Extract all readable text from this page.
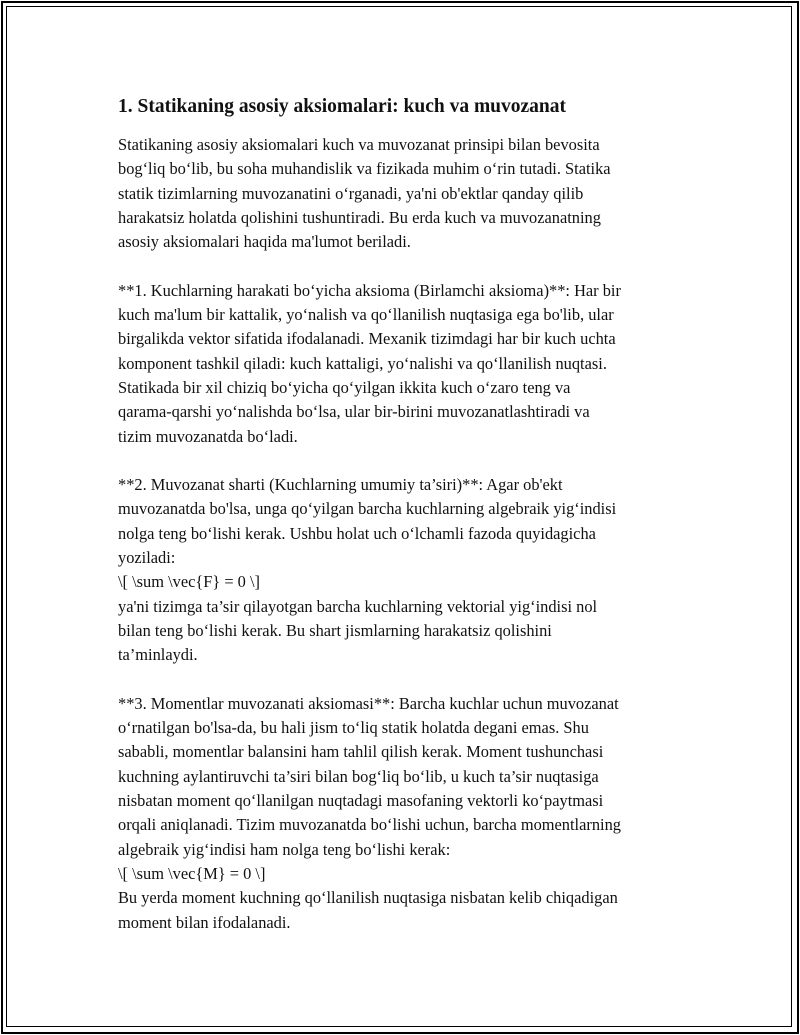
1. Statikaning asosiy aksiomalari: kuch va muvozanat

Statikaning asosiy aksiomalari kuch va muvozanat prinsipi bilan bevosita
bog‘liq bo‘lib, bu soha muhandislik va fizikada muhim o‘rin tutadi. Statika
statik tizimlarning muvozanatini o‘rganadi, ya'ni ob'ektlar qanday qilib
harakatsiz holatda qolishini tushuntiradi. Bu erda kuch va muvozanatning
asosiy aksiomalari haqida ma'lumot beriladi.

**1. Kuchlarning harakati bo‘yicha aksioma (Birlamchi aksioma)**: Har bir
kuch ma'lum bir kattalik, yo‘nalish va qo‘llanilish nuqtasiga ega bo'lib, ular
birgalikda vektor sifatida ifodalanadi. Mexanik tizimdagi har bir kuch uchta
komponent tashkil qiladi: kuch kattaligi, yo‘nalishi va qo‘llanilish nuqtasi.
Statikada bir xil chiziq bo‘yicha qo‘yilgan ikkita kuch o‘zaro teng va
qarama-qarshi yo‘nalishda bo‘lsa, ular bir-birini muvozanatlashtiradi va
tizim muvozanatda bo‘ladi.

**2. Muvozanat sharti (Kuchlarning umumiy ta’siri)**: Agar ob'ekt
muvozanatda bo'lsa, unga qo‘yilgan barcha kuchlarning algebraik yig‘indisi
nolga teng bo‘lishi kerak. Ushbu holat uch o‘lchamli fazoda quyidagicha
yoziladi:
\[ \sum \vec{F} = 0 \]
ya'ni tizimga ta’sir qilayotgan barcha kuchlarning vektorial yig‘indisi nol
bilan teng bo‘lishi kerak. Bu shart jismlarning harakatsiz qolishini
ta’minlaydi.

**3. Momentlar muvozanati aksiomasi**: Barcha kuchlar uchun muvozanat
o‘rnatilgan bo'lsa-da, bu hali jism to‘liq statik holatda degani emas. Shu
sababli, momentlar balansini ham tahlil qilish kerak. Moment tushunchasi
kuchning aylantiruvchi ta’siri bilan bog‘liq bo‘lib, u kuch ta’sir nuqtasiga
nisbatan moment qo‘llanilgan nuqtadagi masofaning vektorli ko‘paytmasi
orqali aniqlanadi. Tizim muvozanatda bo‘lishi uchun, barcha momentlarning
algebraik yig‘indisi ham nolga teng bo‘lishi kerak:
\[ \sum \vec{M} = 0 \]
Bu yerda moment kuchning qo‘llanilish nuqtasiga nisbatan kelib chiqadigan
moment bilan ifodalanadi.
